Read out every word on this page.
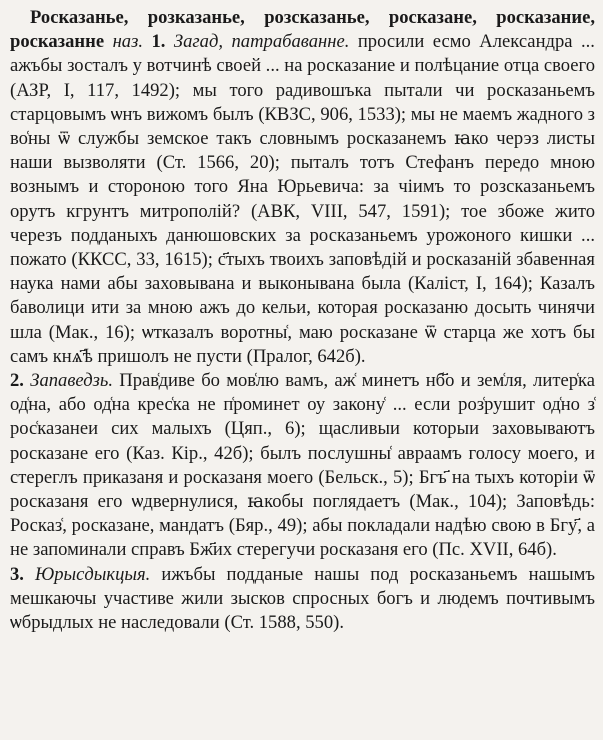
Росказанье, розказанье, розсказанье, росказане, росказание, росказанне наз. 1. Загад, патрабаванне. просили есмо Александра ... ажъбы зосталъ у вотчинѣ своей ... на росказание и полѣцание отца своего (АЗР, I, 117, 1492); мы того радивошъка пытали чи росказаньемъ старцовымъ ѡнъ вижомъ былъ (КВЗС, 906, 1533); мы не маемъ жадного з во͑ны ѿ службы земское такъ словнымъ росказанемъ ꙗко черэз листы наши вызволяти (Ст. 1566, 20); пыталъ тотъ Стефанъ передо мною вознымъ и стороною того Яна Юрьевича: за чіимъ то розсказаньемъ орутъ кгрунтъ митрополій? (АВК, VIII, 547, 1591); тое збоже жито черезъ подданыхъ данюшовских за росказаньемъ урожоного кишки ... пожато (ККСС, 33, 1615); с҃тыхъ твоихъ заповѣдій и росказаній збавенная наука нами абы заховывана и выконывана была (Каліст, I, 164); Казалъ баволици ити за мною ажъ до кельи, которая росказаню досыть чинячи шла (Мак., 16); ѡтказалъ воротны͑, маю росказане ѿ старца же хотъ бы самъ кнѧ҃ѣ пришолъ не пусти (Пралог, 642б).

2. Запаведзь. Прав͑диве бо мов͑лю вамъ, аж͑ минетъ нб҃о и зем͑ля, литер͑ка од͑на, або од͑на крес͑ка не п͑роминет оу закону͑ ... если роз͑рушит од͑но з͑ рос͑казанеи сих малыхъ (Цяп., 6); щасливыи которыи заховываютъ росказане его (Каз. Кір., 42б); былъ послушны͑ авраамъ голосу моего, и стерeглъ приказаня и росказаня моего (Бельск., 5); Бгъ҃ на тыхъ которіи ѿ росказаня его ѡдвернулися, ꙗкобы поглядаетъ (Мак., 104); Заповѣдь: Росказ͑, росказане, мандатъ (Бяр., 49); абы покладали надѣю свою в Бгу҃, а не запоминали справъ Бж҃их стерегучи росказаня его (Пс. XVII, 64б).

3. Юрысдыкцыя. ижъбы подданые нашы под росказаньемъ нашымъ мешкаючы участиве жили зысков спросных богъ и людемъ почтивымъ ѡбрыдлых не наследовали (Ст. 1588, 550).
